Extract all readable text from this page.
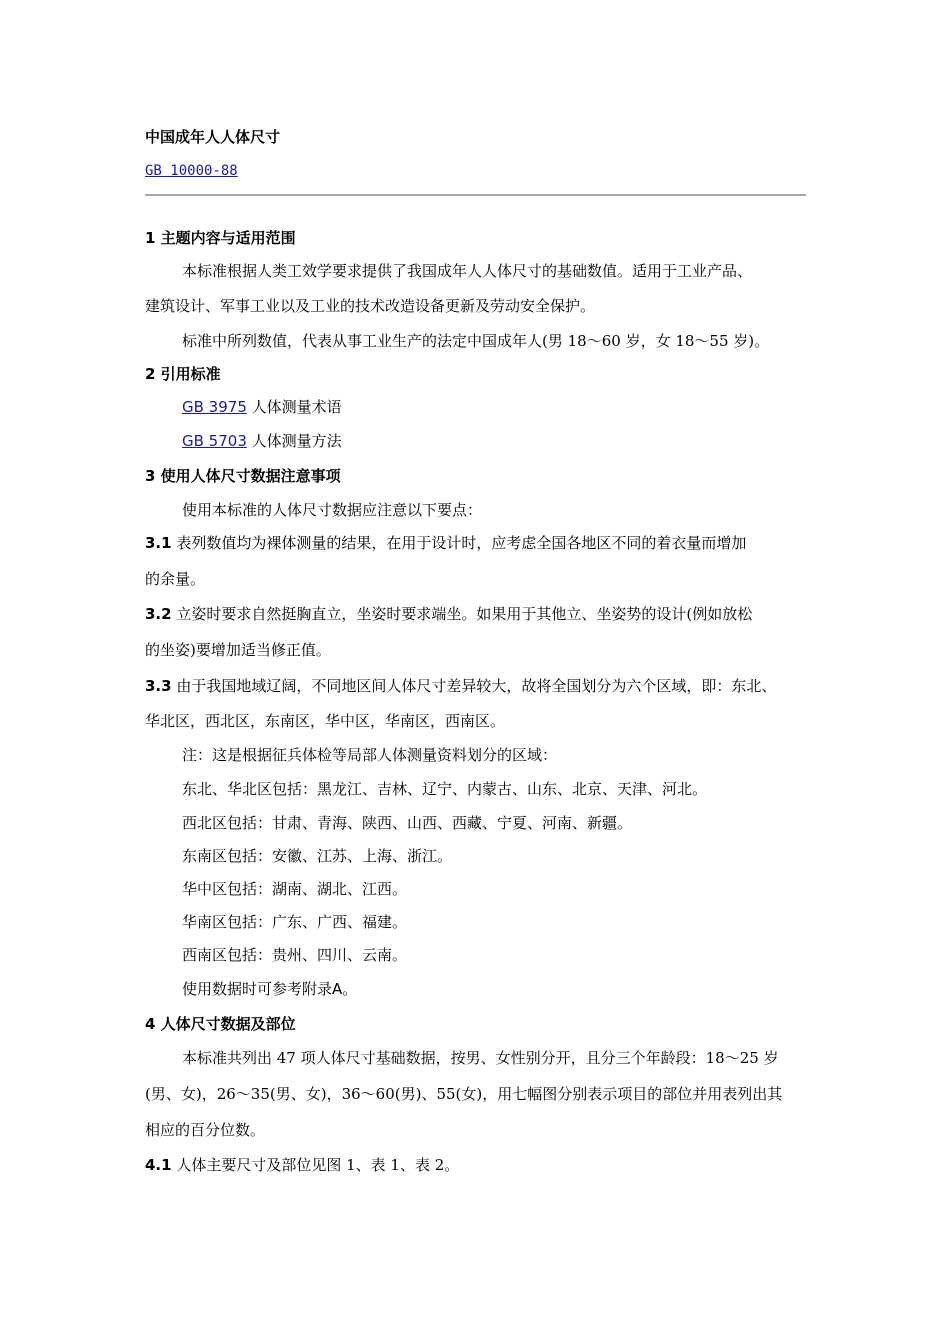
中国成年人人体尺寸
GB 10000-88
1 主题内容与适用范围
本标准根据人类工效学要求提供了我国成年人人体尺寸的基础数值。适用于工业产品、
建筑设计、军事工业以及工业的技术改造设备更新及劳动安全保护。
标准中所列数值，代表从事工业生产的法定中国成年人(男 18～60 岁，女 18～55 岁)。
2 引用标准
GB 3975 人体测量术语
GB 5703 人体测量方法
3 使用人体尺寸数据注意事项
使用本标准的人体尺寸数据应注意以下要点：
3.1 表列数值均为裸体测量的结果，在用于设计时，应考虑全国各地区不同的着衣量而增加
的余量。
3.2 立姿时要求自然挺胸直立，坐姿时要求端坐。如果用于其他立、坐姿势的设计(例如放松
的坐姿)要增加适当修正值。
3.3 由于我国地域辽阔，不同地区间人体尺寸差异较大，故将全国划分为六个区域，即：东北、
华北区，西北区，东南区，华中区，华南区，西南区。
注：这是根据征兵体检等局部人体测量资料划分的区域：
东北、华北区包括：黑龙江、吉林、辽宁、内蒙古、山东、北京、天津、河北。
西北区包括：甘肃、青海、陕西、山西、西藏、宁夏、河南、新疆。
东南区包括：安徽、江苏、上海、浙江。
华中区包括：湖南、湖北、江西。
华南区包括：广东、广西、福建。
西南区包括：贵州、四川、云南。
使用数据时可参考附录A。
4 人体尺寸数据及部位
本标准共列出 47 项人体尺寸基础数据，按男、女性别分开，且分三个年龄段：18～25 岁
(男、女)，26～35(男、女)，36～60(男)、55(女)，用七幅图分别表示项目的部位并用表列出其
相应的百分位数。
4.1 人体主要尺寸及部位见图 1、表 1、表 2。
